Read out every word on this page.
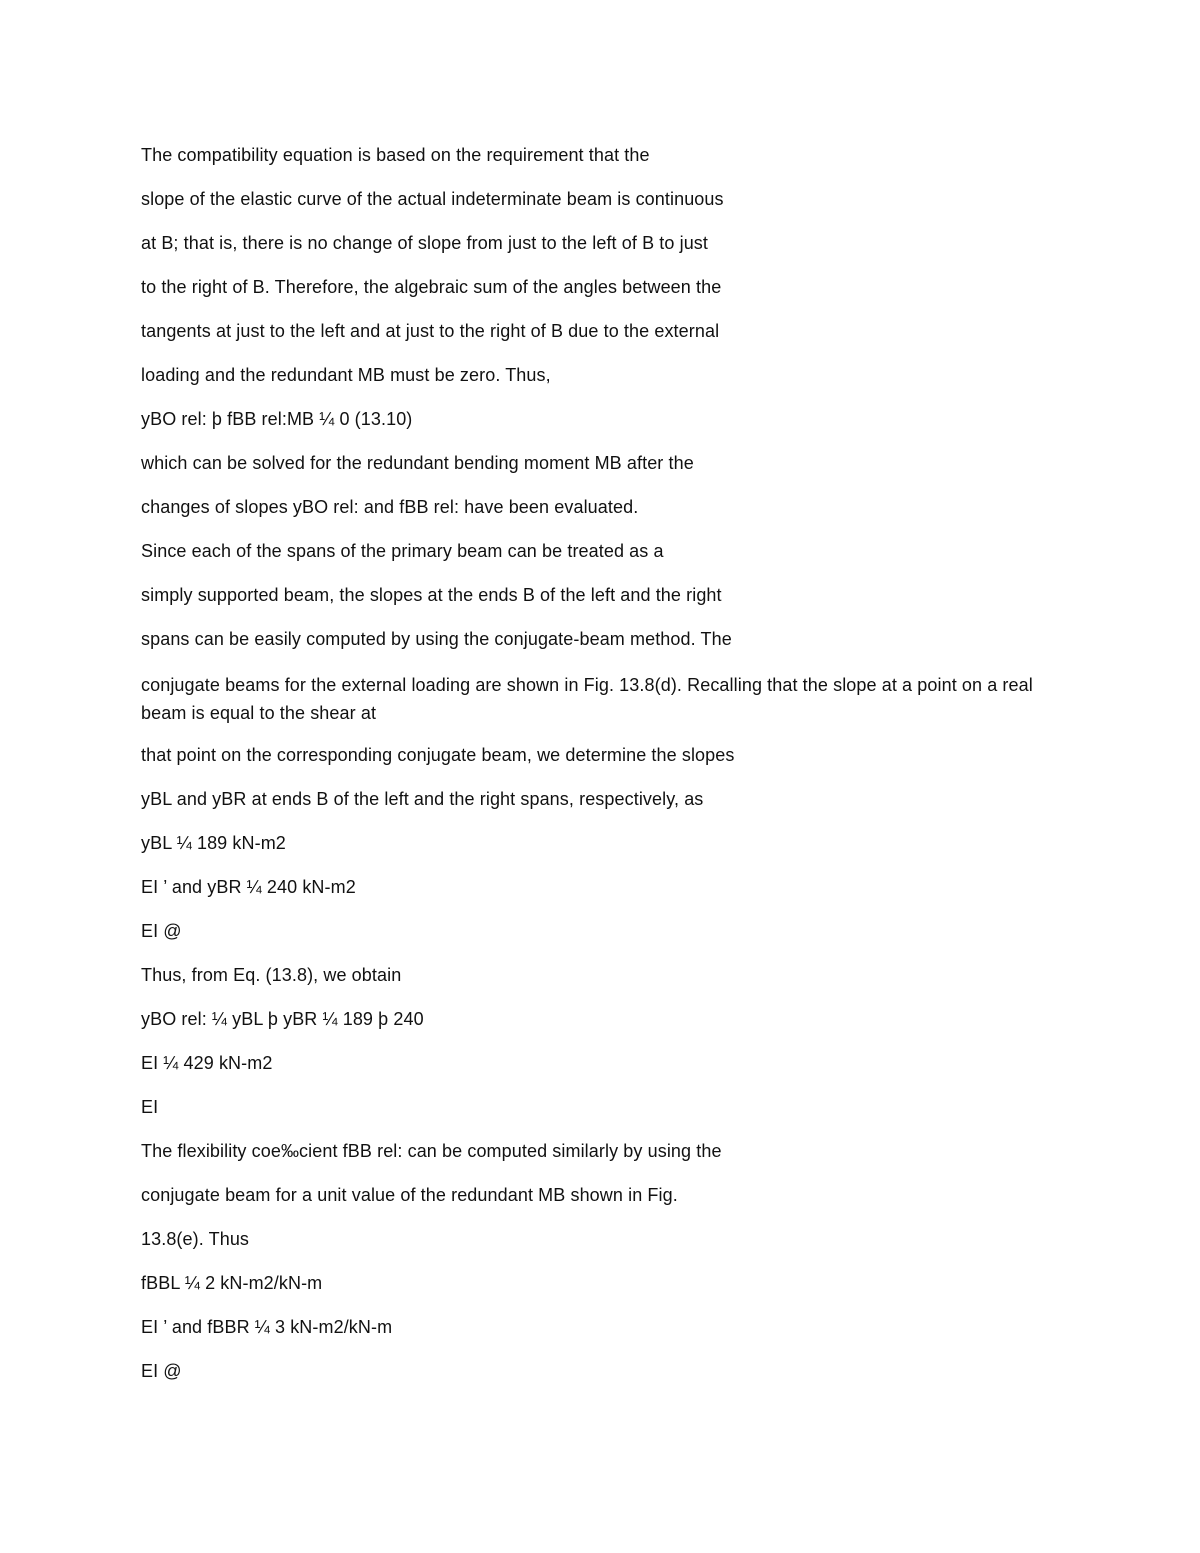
The compatibility equation is based on the requirement that the

slope of the elastic curve of the actual indeterminate beam is continuous

at B; that is, there is no change of slope from just to the left of B to just

to the right of B. Therefore, the algebraic sum of the angles between the

tangents at just to the left and at just to the right of B due to the external

loading and the redundant MB must be zero. Thus,

yBO rel: þ fBB rel:MB ¼ 0 (13.10)

which can be solved for the redundant bending moment MB after the

changes of slopes yBO rel: and fBB rel: have been evaluated.

Since each of the spans of the primary beam can be treated as a

simply supported beam, the slopes at the ends B of the left and the right

spans can be easily computed by using the conjugate-beam method. The

conjugate beams for the external loading are shown in Fig. 13.8(d). Recalling that the slope at a point on a real beam is equal to the shear at

that point on the corresponding conjugate beam, we determine the slopes

yBL and yBR at ends B of the left and the right spans, respectively, as

yBL ¼ 189 kN-m2

EI ’ and yBR ¼ 240 kN-m2

EI @

Thus, from Eq. (13.8), we obtain

yBO rel: ¼ yBL þ yBR ¼ 189 þ 240

EI ¼ 429 kN-m2

EI

The flexibility coe‰cient fBB rel: can be computed similarly by using the

conjugate beam for a unit value of the redundant MB shown in Fig.

13.8(e). Thus

fBBL ¼ 2 kN-m2/kN-m

EI ’ and fBBR ¼ 3 kN-m2/kN-m

EI @
